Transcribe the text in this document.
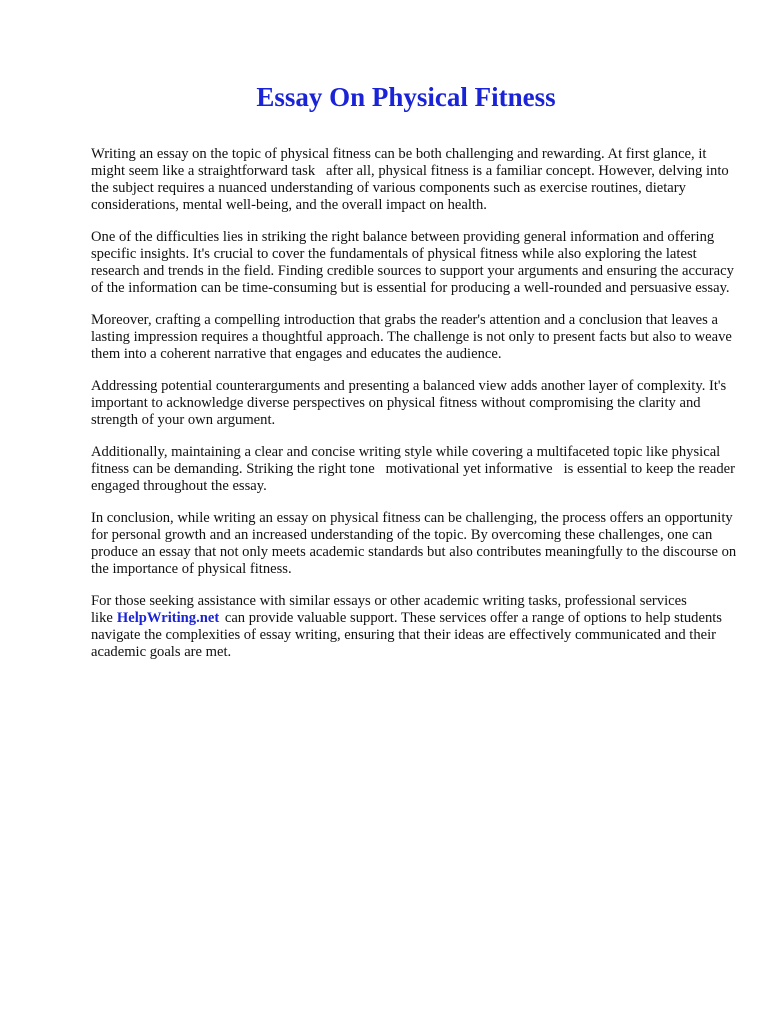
Essay On Physical Fitness

Writing an essay on the topic of physical fitness can be both challenging and rewarding. At first glance, it might seem like a straightforward task   after all, physical fitness is a familiar concept. However, delving into the subject requires a nuanced understanding of various components such as exercise routines, dietary considerations, mental well-being, and the overall impact on health.

One of the difficulties lies in striking the right balance between providing general information and offering specific insights. It's crucial to cover the fundamentals of physical fitness while also exploring the latest research and trends in the field. Finding credible sources to support your arguments and ensuring the accuracy of the information can be time-consuming but is essential for producing a well-rounded and persuasive essay.

Moreover, crafting a compelling introduction that grabs the reader's attention and a conclusion that leaves a lasting impression requires a thoughtful approach. The challenge is not only to present facts but also to weave them into a coherent narrative that engages and educates the audience.

Addressing potential counterarguments and presenting a balanced view adds another layer of complexity. It's important to acknowledge diverse perspectives on physical fitness without compromising the clarity and strength of your own argument.

Additionally, maintaining a clear and concise writing style while covering a multifaceted topic like physical fitness can be demanding. Striking the right tone   motivational yet informative   is essential to keep the reader engaged throughout the essay.

In conclusion, while writing an essay on physical fitness can be challenging, the process offers an opportunity for personal growth and an increased understanding of the topic. By overcoming these challenges, one can produce an essay that not only meets academic standards but also contributes meaningfully to the discourse on the importance of physical fitness.

For those seeking assistance with similar essays or other academic writing tasks, professional services like HelpWriting.net can provide valuable support. These services offer a range of options to help students navigate the complexities of essay writing, ensuring that their ideas are effectively communicated and their academic goals are met.
